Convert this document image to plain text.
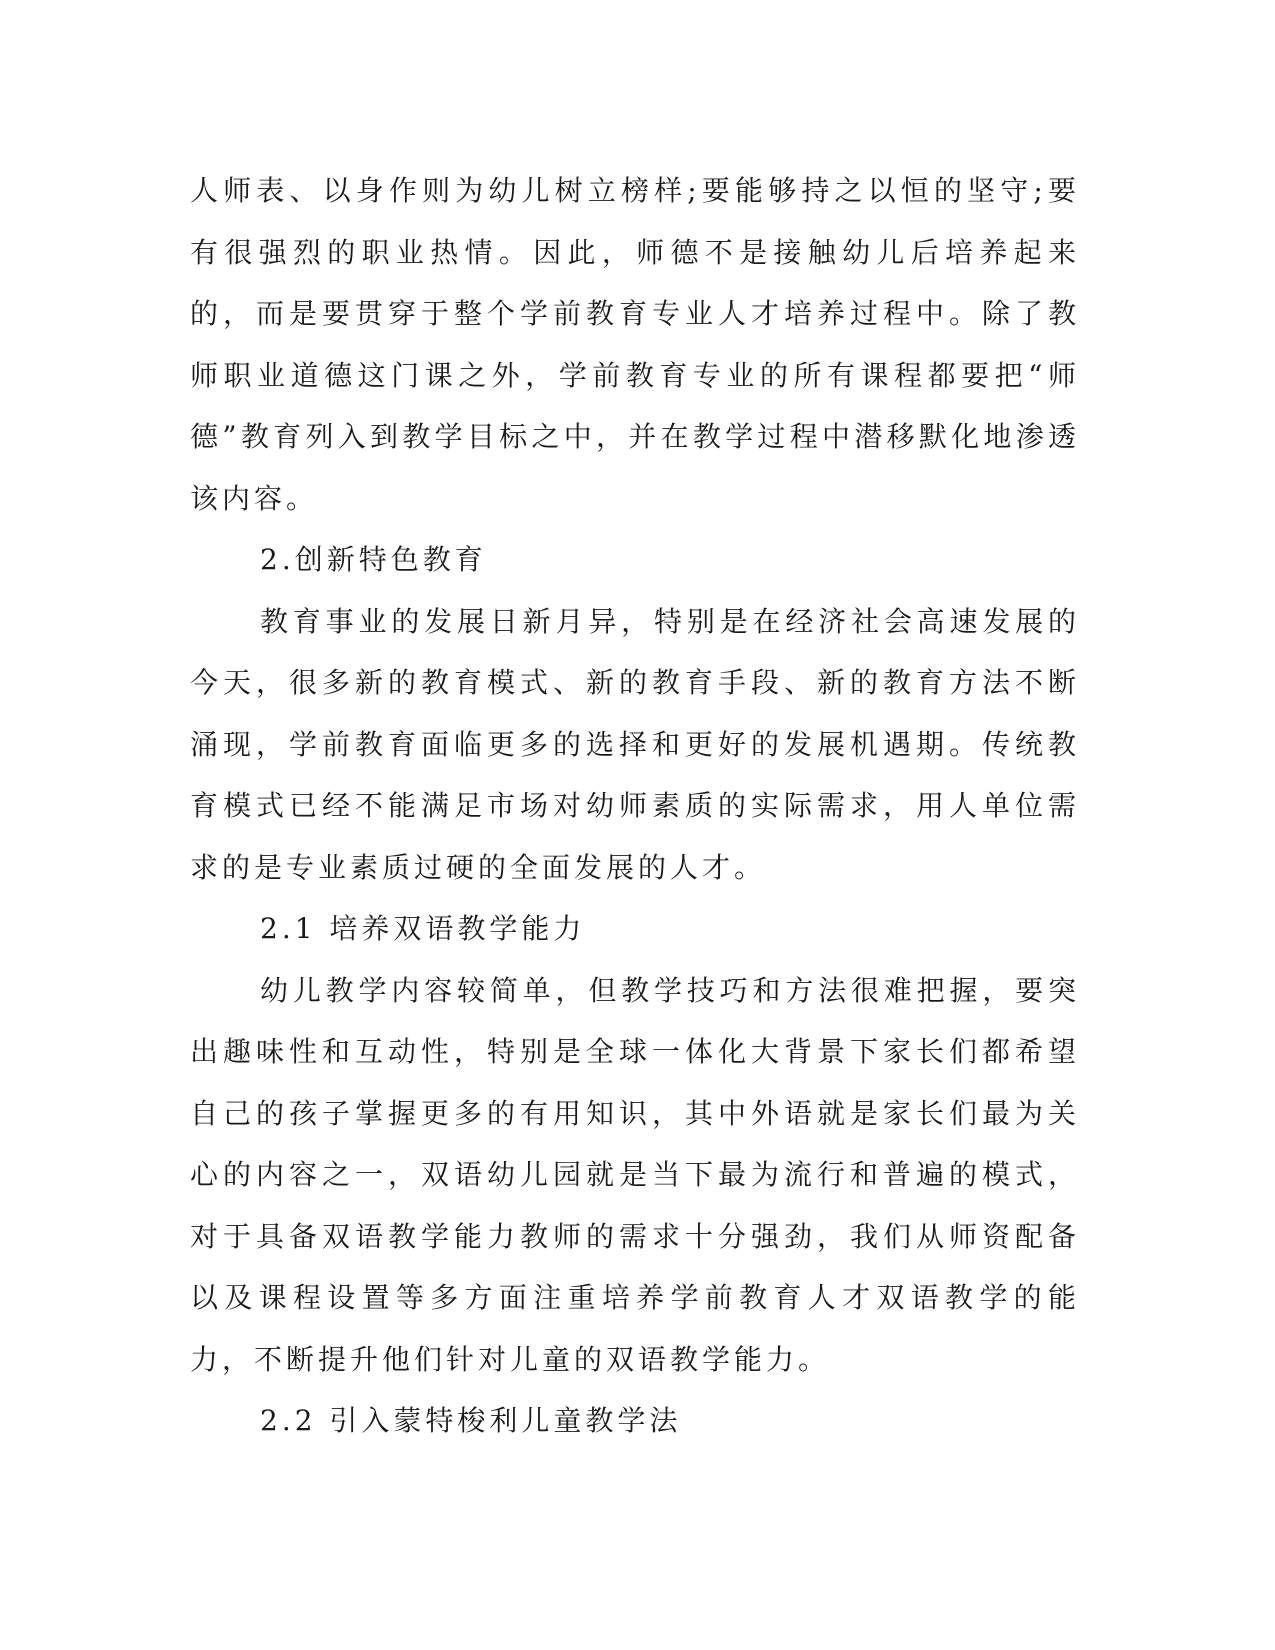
人师表、以身作则为幼儿树立榜样;要能够持之以恒的坚守;要有很强烈的职业热情。因此，师德不是接触幼儿后培养起来的，而是要贯穿于整个学前教育专业人才培养过程中。除了教师职业道德这门课之外，学前教育专业的所有课程都要把“师德”教育列入到教学目标之中，并在教学过程中潜移默化地渗透该内容。

2.创新特色教育

教育事业的发展日新月异，特别是在经济社会高速发展的今天，很多新的教育模式、新的教育手段、新的教育方法不断涌现，学前教育面临更多的选择和更好的发展机遇期。传统教育模式已经不能满足市场对幼师素质的实际需求，用人单位需求的是专业素质过硬的全面发展的人才。

2.1 培养双语教学能力

幼儿教学内容较简单，但教学技巧和方法很难把握，要突出趣味性和互动性，特别是全球一体化大背景下家长们都希望自己的孩子掌握更多的有用知识，其中外语就是家长们最为关心的内容之一，双语幼儿园就是当下最为流行和普遍的模式，对于具备双语教学能力教师的需求十分强劲，我们从师资配备以及课程设置等多方面注重培养学前教育人才双语教学的能力，不断提升他们针对儿童的双语教学能力。

2.2 引入蒙特梭利儿童教学法
